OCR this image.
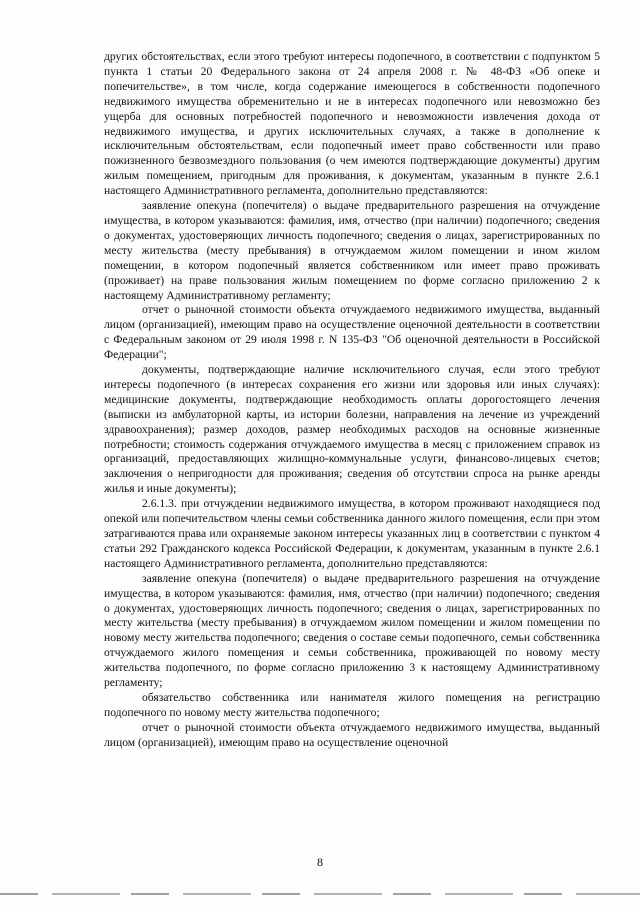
других обстоятельствах, если этого требуют интересы подопечного, в соответствии с подпунктом 5 пункта 1 статьи 20 Федерального закона от 24 апреля 2008 г. № 48-ФЗ «Об опеке и попечительстве», в том числе, когда содержание имеющегося в собственности подопечного недвижимого имущества обременительно и не в интересах подопечного или невозможно без ущерба для основных потребностей подопечного и невозможности извлечения дохода от недвижимого имущества, и других исключительных случаях, а также в дополнение к исключительным обстоятельствам, если подопечный имеет право собственности или право пожизненного безвозмездного пользования (о чем имеются подтверждающие документы) другим жилым помещением, пригодным для проживания, к документам, указанным в пункте 2.6.1 настоящего Административного регламента, дополнительно представляются:

заявление опекуна (попечителя) о выдаче предварительного разрешения на отчуждение имущества, в котором указываются: фамилия, имя, отчество (при наличии) подопечного; сведения о документах, удостоверяющих личность подопечного; сведения о лицах, зарегистрированных по месту жительства (месту пребывания) в отчуждаемом жилом помещении и ином жилом помещении, в котором подопечный является собственником или имеет право проживать (проживает) на праве пользования жилым помещением по форме согласно приложению 2 к настоящему Административному регламенту;

отчет о рыночной стоимости объекта отчуждаемого недвижимого имущества, выданный лицом (организацией), имеющим право на осуществление оценочной деятельности в соответствии с Федеральным законом от 29 июля 1998 г. N 135-ФЗ "Об оценочной деятельности в Российской Федерации";

документы, подтверждающие наличие исключительного случая, если этого требуют интересы подопечного (в интересах сохранения его жизни или здоровья или иных случаях): медицинские документы, подтверждающие необходимость оплаты дорогостоящего лечения (выписки из амбулаторной карты, из истории болезни, направления на лечение из учреждений здравоохранения); размер доходов, размер необходимых расходов на основные жизненные потребности; стоимость содержания отчуждаемого имущества в месяц с приложением справок из организаций, предоставляющих жилищно-коммунальные услуги, финансово-лицевых счетов; заключения о непригодности для проживания; сведения об отсутствии спроса на рынке аренды жилья и иные документы);

2.6.1.3. при отчуждении недвижимого имущества, в котором проживают находящиеся под опекой или попечительством члены семьи собственника данного жилого помещения, если при этом затрагиваются права или охраняемые законом интересы указанных лиц в соответствии с пунктом 4 статьи 292 Гражданского кодекса Российской Федерации, к документам, указанным в пункте 2.6.1 настоящего Административного регламента, дополнительно представляются:

заявление опекуна (попечителя) о выдаче предварительного разрешения на отчуждение имущества, в котором указываются: фамилия, имя, отчество (при наличии) подопечного; сведения о документах, удостоверяющих личность подопечного; сведения о лицах, зарегистрированных по месту жительства (месту пребывания) в отчуждаемом жилом помещении и жилом помещении по новому месту жительства подопечного; сведения о составе семьи подопечного, семьи собственника отчуждаемого жилого помещения и семьи собственника, проживающей по новому месту жительства подопечного, по форме согласно приложению 3 к настоящему Административному регламенту;

обязательство собственника или нанимателя жилого помещения на регистрацию подопечного по новому месту жительства подопечного;

отчет о рыночной стоимости объекта отчуждаемого недвижимого имущества, выданный лицом (организацией), имеющим право на осуществление оценочной

8
